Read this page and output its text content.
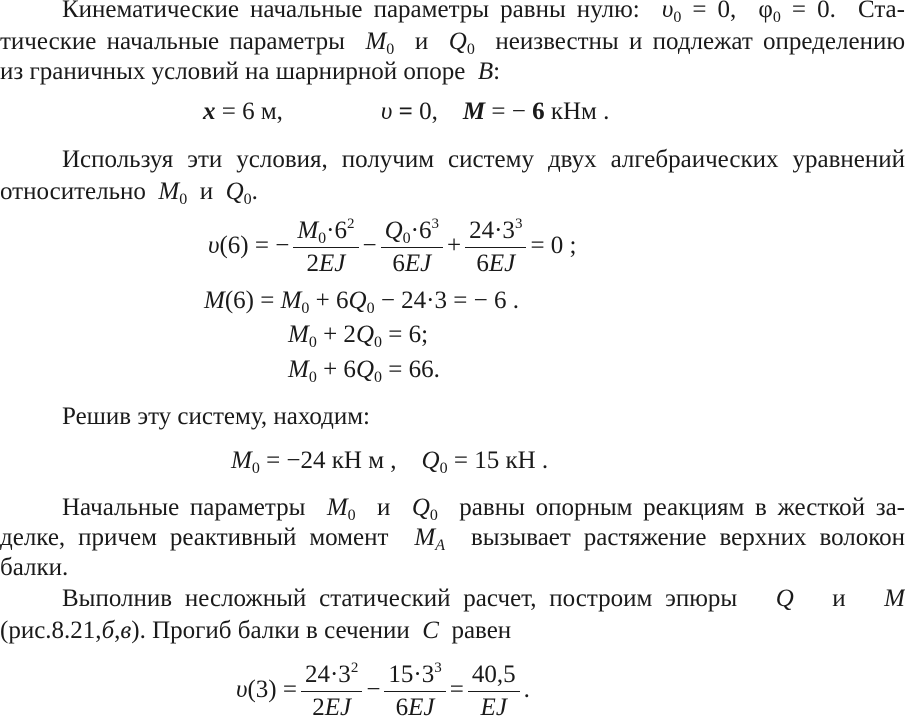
Кинематические начальные параметры равны нулю:  $\upsilon_0 = 0$,  $\varphi_0 = 0$.  Ста-
тические начальные параметры  $M_0$  и  $Q_0$  неизвестны и подлежат определению
из граничных условий на шарнирной опоре  B:
x = 6 м,	υ = 0,    M = − 6 кНм .
Используя эти условия, получим систему двух алгебраических уравнений
относительно  $M_0$  и  $Q_0$.
υ(6) = − $\frac{M_0\cdot 6^2}{2EJ} - \frac{Q_0\cdot 6^3}{6EJ} + \frac{24\cdot 3^3}{6EJ} = 0$ ;
$M(6) = M_0 + 6Q_0 - 24\cdot 3$ = − 6 .
$M_0 + 2Q_0 = 6$;
$M_0 + 6Q_0 = 66$.
Решив эту систему, находим:
$M_0 = -24$ кН м ,    $Q_0 = 15$ кН .
Начальные параметры  $M_0$  и  $Q_0$  равны опорным реакциям в жесткой за-
делке, причем реактивный момент  $M_A$  вызывает растяжение верхних волокон
балки.
Выполнив несложный статический расчет, построим эпюры   Q   и   M
(рис.8.21,б,в). Прогиб балки в сечении  C  равен
$\upsilon(3) = \frac{24\cdot 3^2}{2EJ} - \frac{15\cdot 3^3}{6EJ} = \frac{40,5}{EJ}$ .
